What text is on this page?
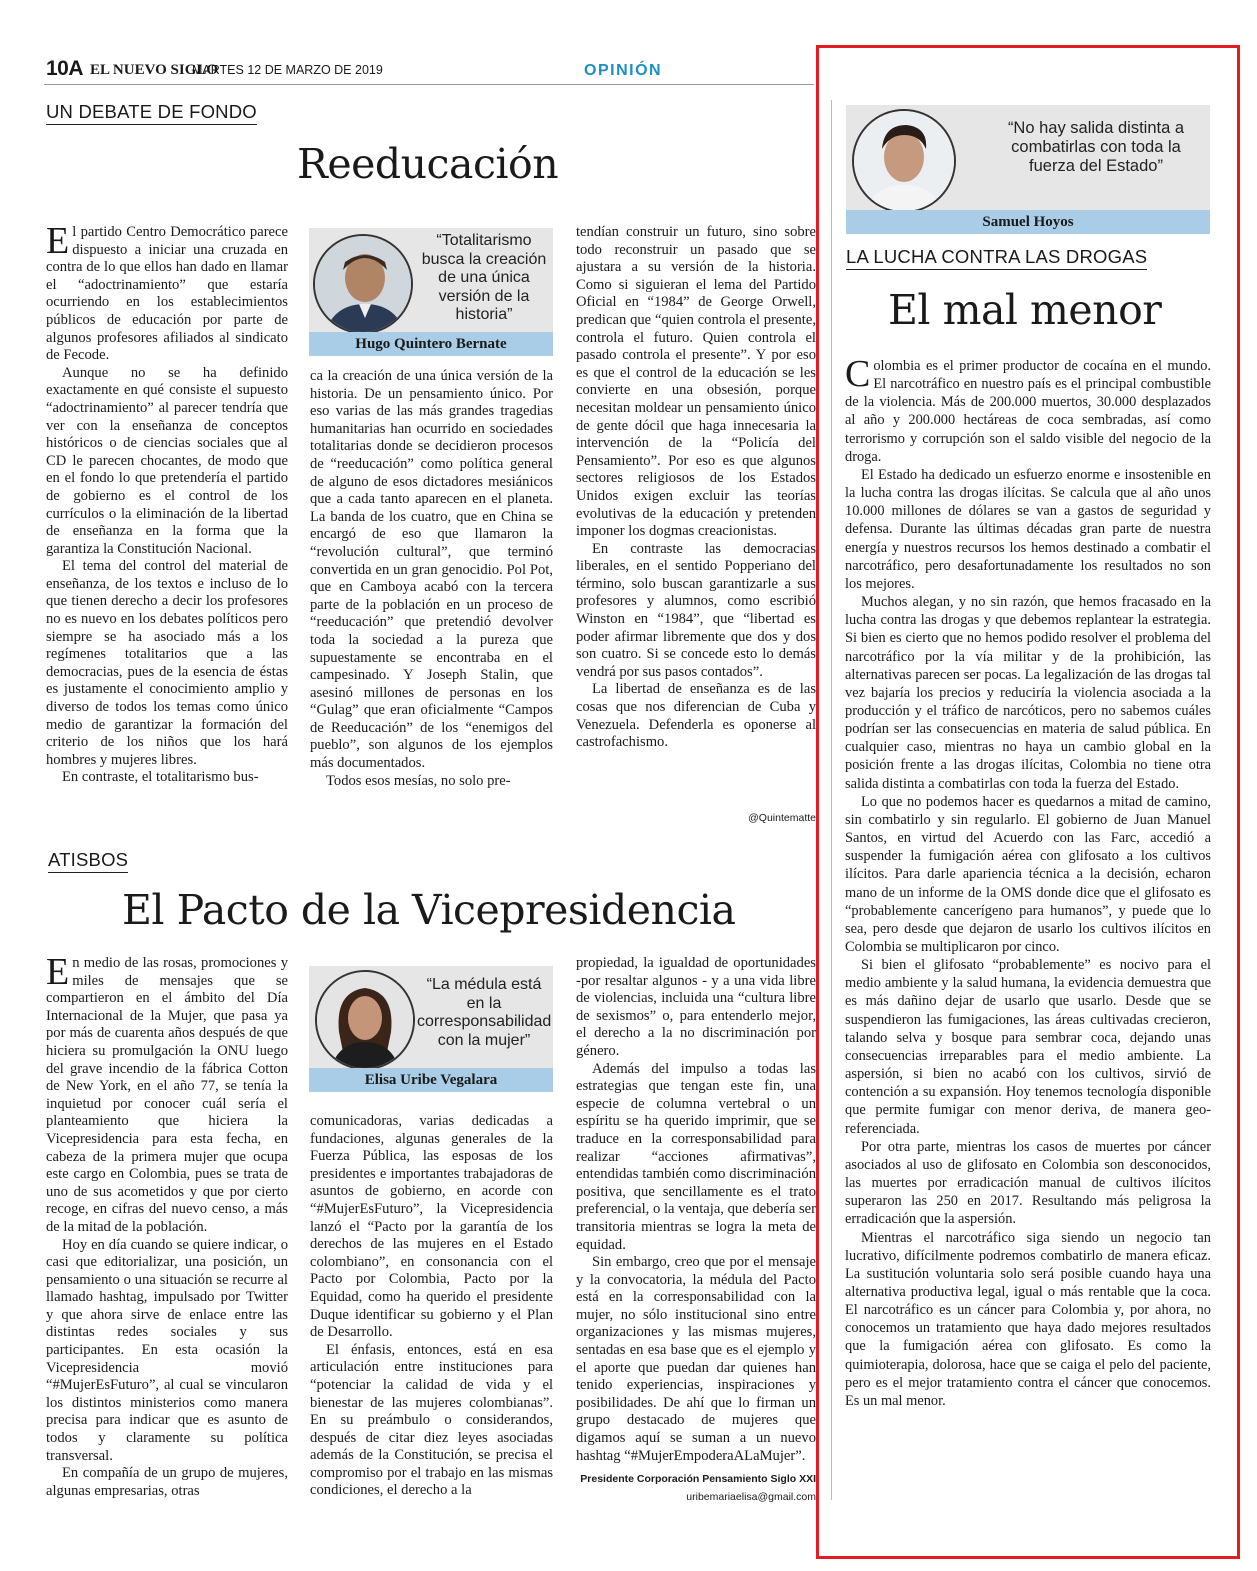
10A EL NUEVO SIGLO
MARTES 12 DE MARZO DE 2019	OPINIÓN
UN DEBATE DE FONDO
Reeducación

El partido Centro Democrático parece dispuesto a iniciar una cruzada en contra de lo que ellos han dado en llamar el “adoctrinamiento” que estaría ocurriendo en los establecimientos públicos de educación por parte de algunos profesores afiliados al sindicato de Fecode.

Aunque no se ha definido exactamente en qué consiste el supuesto “adoctrinamiento” al parecer tendría que ver con la enseñanza de conceptos históricos o de ciencias sociales que al CD le parecen chocantes, de modo que en el fondo lo que pretendería el partido de gobierno es el control de los currículos o la eliminación de la libertad de enseñanza en la forma que la garantiza la Constitución Nacional.

El tema del control del material de enseñanza, de los textos e incluso de lo que tienen derecho a decir los profesores no es nuevo en los debates políticos pero siempre se ha asociado más a los regímenes totalitarios que a las democracias, pues de la esencia de éstas es justamente el conocimiento amplio y diverso de todos los temas como único medio de garantizar la formación del criterio de los niños que los hará hombres y mujeres libres.

En contraste, el totalitarismo bus-

“Totalitarismo busca la creación de una única versión de la historia”
Hugo Quintero Bernate

ca la creación de una única versión de la historia. De un pensamiento único. Por eso varias de las más grandes tragedias humanitarias han ocurrido en sociedades totalitarias donde se decidieron procesos de “reeducación” como política general de alguno de esos dictadores mesiánicos que a cada tanto aparecen en el planeta. La banda de los cuatro, que en China se encargó de eso que llamaron la “revolución cultural”, que terminó convertida en un gran genocidio. Pol Pot, que en Camboya acabó con la tercera parte de la población en un proceso de “reeducación” que pretendió devolver toda la sociedad a la pureza que supuestamente se encontraba en el campesinado. Y Joseph Stalin, que asesinó millones de personas en los “Gulag” que eran oficialmente “Campos de Reeducación” de los “enemigos del pueblo”, son algunos de los ejemplos más documentados.

Todos esos mesías, no solo pre-

tendían construir un futuro, sino sobre todo reconstruir un pasado que se ajustara a su versión de la historia. Como si siguieran el lema del Partido Oficial en “1984” de George Orwell, predican que “quien controla el presente, controla el futuro. Quien controla el pasado controla el presente”. Y por eso es que el control de la educación se les convierte en una obsesión, porque necesitan moldear un pensamiento único de gente dócil que haga innecesaria la intervención de la “Policía del Pensamiento”. Por eso es que algunos sectores religiosos de los Estados Unidos exigen excluir las teorías evolutivas de la educación y pretenden imponer los dogmas creacionistas.

En contraste las democracias liberales, en el sentido Popperiano del término, solo buscan garantizarle a sus profesores y alumnos, como escribió Winston en “1984”, que “libertad es poder afirmar libremente que dos y dos son cuatro. Si se concede esto lo demás vendrá por sus pasos contados”.

La libertad de enseñanza es de las cosas que nos diferencian de Cuba y Venezuela. Defenderla es oponerse al castrofachismo.

@Quintematte
ATISBOS
El Pacto de la Vicepresidencia

En medio de las rosas, promociones y miles de mensajes que se compartieron en el ámbito del Día Internacional de la Mujer, que pasa ya por más de cuarenta años después de que hiciera su promulgación la ONU luego del grave incendio de la fábrica Cotton de New York, en el año 77, se tenía la inquietud por conocer cuál sería el planteamiento que hiciera la Vicepresidencia para esta fecha, en cabeza de la primera mujer que ocupa este cargo en Colombia, pues se trata de uno de sus acometidos y que por cierto recoge, en cifras del nuevo censo, a más de la mitad de la población.

Hoy en día cuando se quiere indicar, o casi que editorializar, una posición, un pensamiento o una situación se recurre al llamado hashtag, impulsado por Twitter y que ahora sirve de enlace entre las distintas redes sociales y sus participantes. En esta ocasión la Vicepresidencia movió “#MujerEsFuturo”, al cual se vincularon los distintos ministerios como manera precisa para indicar que es asunto de todos y claramente su política transversal.

En compañía de un grupo de mujeres, algunas empresarias, otras

“La médula está en la corresponsabilidad con la mujer”
Elisa Uribe Vegalara

comunicadoras, varias dedicadas a fundaciones, algunas generales de la Fuerza Pública, las esposas de los presidentes e importantes trabajadoras de asuntos de gobierno, en acorde con “#MujerEsFuturo”, la Vicepresidencia lanzó el “Pacto por la garantía de los derechos de las mujeres en el Estado colombiano”, en consonancia con el Pacto por Colombia, Pacto por la Equidad, como ha querido el presidente Duque identificar su gobierno y el Plan de Desarrollo.

El énfasis, entonces, está en esa articulación entre instituciones para “potenciar la calidad de vida y el bienestar de las mujeres colombianas”. En su preámbulo o considerandos, después de citar diez leyes asociadas además de la Constitución, se precisa el compromiso por el trabajo en las mismas condiciones, el derecho a la

propiedad, la igualdad de oportunidades -por resaltar algunos - y a una vida libre de violencias, incluida una “cultura libre de sexismos” o, para entenderlo mejor, el derecho a la no discriminación por género.

Además del impulso a todas las estrategias que tengan este fin, una especie de columna vertebral o un espíritu se ha querido imprimir, que se traduce en la corresponsabilidad para realizar “acciones afirmativas”, entendidas también como discriminación positiva, que sencillamente es el trato preferencial, o la ventaja, que debería ser transitoria mientras se logra la meta de equidad.

Sin embargo, creo que por el mensaje y la convocatoria, la médula del Pacto está en la corresponsabilidad con la mujer, no sólo institucional sino entre organizaciones y las mismas mujeres, sentadas en esa base que es el ejemplo y el aporte que puedan dar quienes han tenido experiencias, inspiraciones y posibilidades. De ahí que lo firman un grupo destacado de mujeres que digamos aquí se suman a un nuevo hashtag “#MujerEmpoderaALaMujer”.

Presidente Corporación Pensamiento Siglo XXI
uribemariaelisa@gmail.com
“No hay salida distinta a combatirlas con toda la fuerza del Estado”
Samuel Hoyos
LA LUCHA CONTRA LAS DROGAS
El mal menor

Colombia es el primer productor de cocaína en el mundo. El narcotráfico en nuestro país es el principal combustible de la violencia. Más de 200.000 muertos, 30.000 desplazados al año y 200.000 hectáreas de coca sembradas, así como terrorismo y corrupción son el saldo visible del negocio de la droga.

El Estado ha dedicado un esfuerzo enorme e insostenible en la lucha contra las drogas ilícitas. Se calcula que al año unos 10.000 millones de dólares se van a gastos de seguridad y defensa. Durante las últimas décadas gran parte de nuestra energía y nuestros recursos los hemos destinado a combatir el narcotráfico, pero desafortunadamente los resultados no son los mejores.

Muchos alegan, y no sin razón, que hemos fracasado en la lucha contra las drogas y que debemos replantear la estrategia. Si bien es cierto que no hemos podido resolver el problema del narcotráfico por la vía militar y de la prohibición, las alternativas parecen ser pocas. La legalización de las drogas tal vez bajaría los precios y reduciría la violencia asociada a la producción y el tráfico de narcóticos, pero no sabemos cuáles podrían ser las consecuencias en materia de salud pública. En cualquier caso, mientras no haya un cambio global en la posición frente a las drogas ilícitas, Colombia no tiene otra salida distinta a combatirlas con toda la fuerza del Estado.

Lo que no podemos hacer es quedarnos a mitad de camino, sin combatirlo y sin regularlo. El gobierno de Juan Manuel Santos, en virtud del Acuerdo con las Farc, accedió a suspender la fumigación aérea con glifosato a los cultivos ilícitos. Para darle apariencia técnica a la decisión, echaron mano de un informe de la OMS donde dice que el glifosato es “probablemente cancerígeno para humanos”, y puede que lo sea, pero desde que dejaron de usarlo los cultivos ilícitos en Colombia se multiplicaron por cinco.

Si bien el glifosato “probablemente” es nocivo para el medio ambiente y la salud humana, la evidencia demuestra que es más dañino dejar de usarlo que usarlo. Desde que se suspendieron las fumigaciones, las áreas cultivadas crecieron, talando selva y bosque para sembrar coca, dejando unas consecuencias irreparables para el medio ambiente. La aspersión, si bien no acabó con los cultivos, sirvió de contención a su expansión. Hoy tenemos tecnología disponible que permite fumigar con menor deriva, de manera geo-referenciada.

Por otra parte, mientras los casos de muertes por cáncer asociados al uso de glifosato en Colombia son desconocidos, las muertes por erradicación manual de cultivos ilícitos superaron las 250 en 2017. Resultando más peligrosa la erradicación que la aspersión.

Mientras el narcotráfico siga siendo un negocio tan lucrativo, difícilmente podremos combatirlo de manera eficaz. La sustitución voluntaria solo será posible cuando haya una alternativa productiva legal, igual o más rentable que la coca. El narcotráfico es un cáncer para Colombia y, por ahora, no conocemos un tratamiento que haya dado mejores resultados que la fumigación aérea con glifosato. Es como la quimioterapia, dolorosa, hace que se caiga el pelo del paciente, pero es el mejor tratamiento contra el cáncer que conocemos. Es un mal menor.
